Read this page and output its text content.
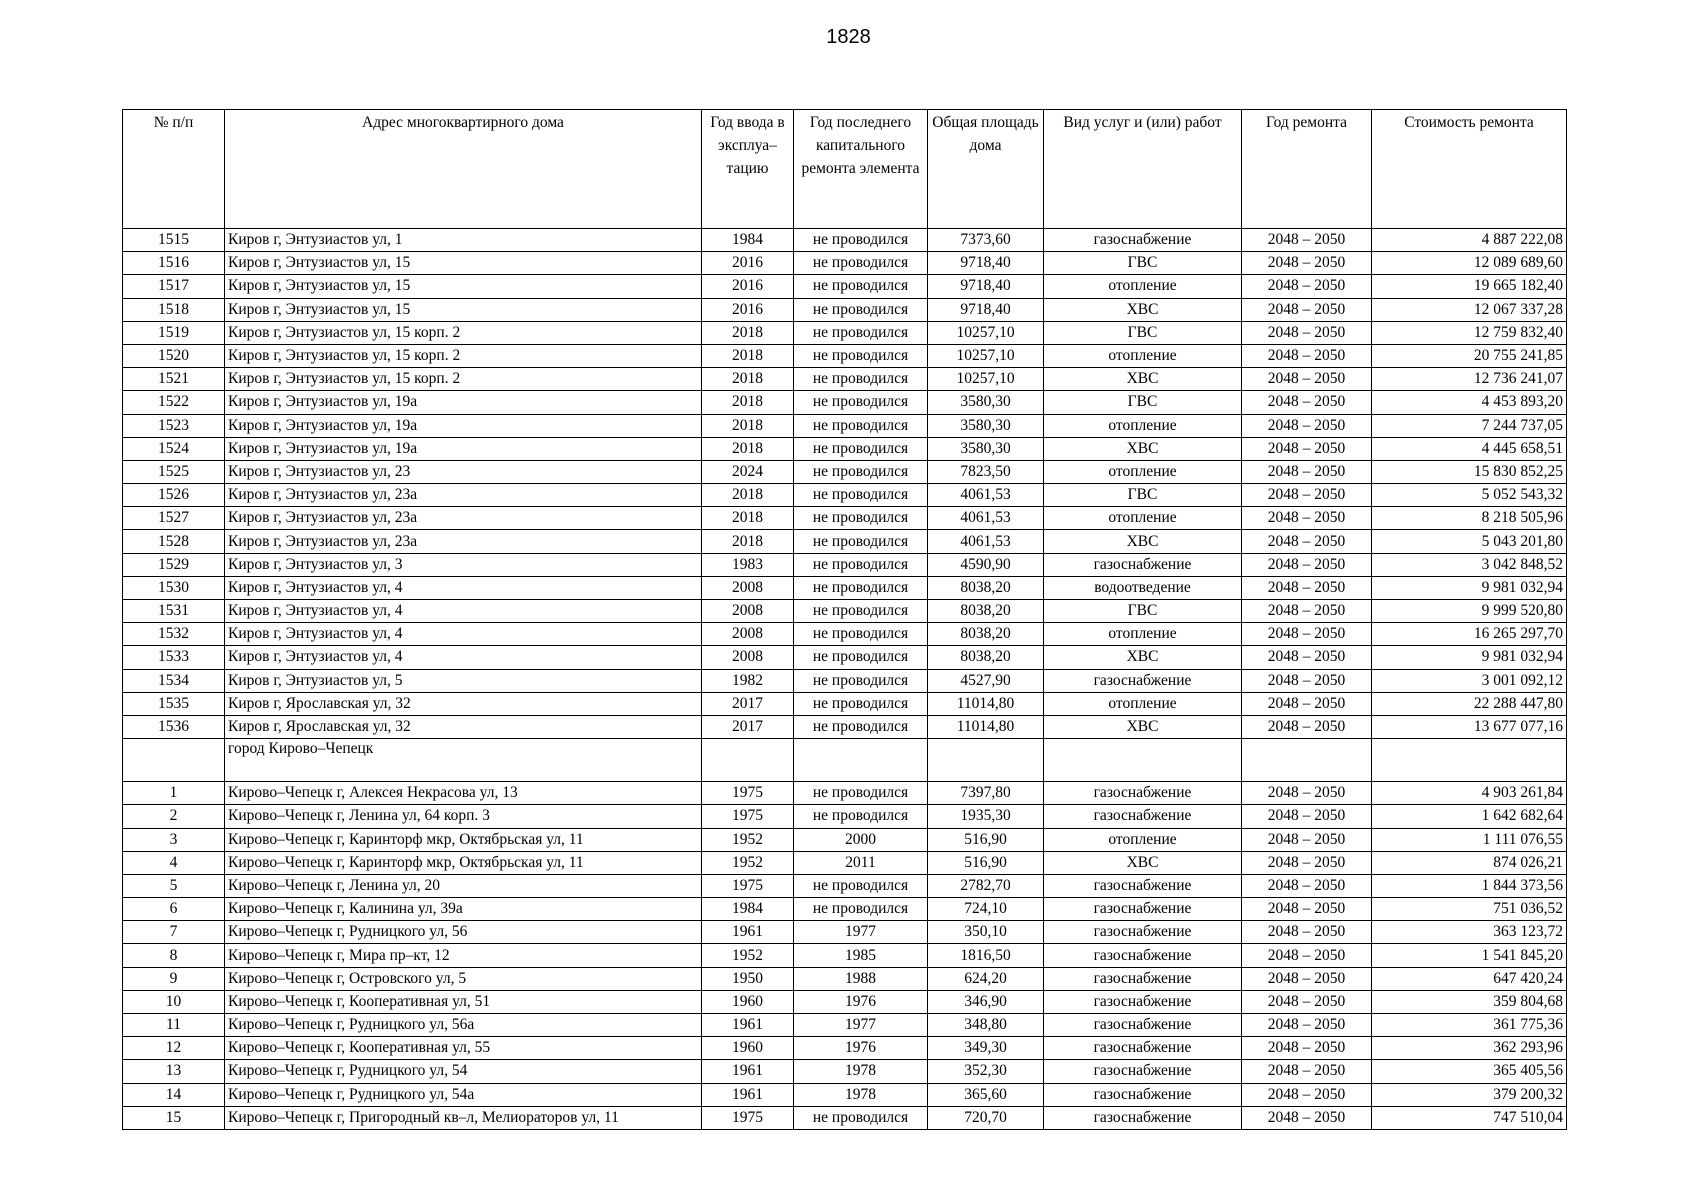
1828
№ п/п	Адрес многоквартирного дома	Год ввода в эксплуа–тацию	Год последнего капитального ремонта элемента	Общая площадь дома	Вид услуг и (или) работ	Год ремонта	Стоимость ремонта
1515	Киров г, Энтузиастов ул, 1	1984	не проводился	7373,60	газоснабжение	2048 – 2050	4 887 222,08
1516	Киров г, Энтузиастов ул, 15	2016	не проводился	9718,40	ГВС	2048 – 2050	12 089 689,60
1517	Киров г, Энтузиастов ул, 15	2016	не проводился	9718,40	отопление	2048 – 2050	19 665 182,40
1518	Киров г, Энтузиастов ул, 15	2016	не проводился	9718,40	ХВС	2048 – 2050	12 067 337,28
1519	Киров г, Энтузиастов ул, 15 корп. 2	2018	не проводился	10257,10	ГВС	2048 – 2050	12 759 832,40
1520	Киров г, Энтузиастов ул, 15 корп. 2	2018	не проводился	10257,10	отопление	2048 – 2050	20 755 241,85
1521	Киров г, Энтузиастов ул, 15 корп. 2	2018	не проводился	10257,10	ХВС	2048 – 2050	12 736 241,07
1522	Киров г, Энтузиастов ул, 19а	2018	не проводился	3580,30	ГВС	2048 – 2050	4 453 893,20
1523	Киров г, Энтузиастов ул, 19а	2018	не проводился	3580,30	отопление	2048 – 2050	7 244 737,05
1524	Киров г, Энтузиастов ул, 19а	2018	не проводился	3580,30	ХВС	2048 – 2050	4 445 658,51
1525	Киров г, Энтузиастов ул, 23	2024	не проводился	7823,50	отопление	2048 – 2050	15 830 852,25
1526	Киров г, Энтузиастов ул, 23а	2018	не проводился	4061,53	ГВС	2048 – 2050	5 052 543,32
1527	Киров г, Энтузиастов ул, 23а	2018	не проводился	4061,53	отопление	2048 – 2050	8 218 505,96
1528	Киров г, Энтузиастов ул, 23а	2018	не проводился	4061,53	ХВС	2048 – 2050	5 043 201,80
1529	Киров г, Энтузиастов ул, 3	1983	не проводился	4590,90	газоснабжение	2048 – 2050	3 042 848,52
1530	Киров г, Энтузиастов ул, 4	2008	не проводился	8038,20	водоотведение	2048 – 2050	9 981 032,94
1531	Киров г, Энтузиастов ул, 4	2008	не проводился	8038,20	ГВС	2048 – 2050	9 999 520,80
1532	Киров г, Энтузиастов ул, 4	2008	не проводился	8038,20	отопление	2048 – 2050	16 265 297,70
1533	Киров г, Энтузиастов ул, 4	2008	не проводился	8038,20	ХВС	2048 – 2050	9 981 032,94
1534	Киров г, Энтузиастов ул, 5	1982	не проводился	4527,90	газоснабжение	2048 – 2050	3 001 092,12
1535	Киров г, Ярославская ул, 32	2017	не проводился	11014,80	отопление	2048 – 2050	22 288 447,80
1536	Киров г, Ярославская ул, 32	2017	не проводился	11014,80	ХВС	2048 – 2050	13 677 077,16
	город Кирово–Чепецк						
1	Кирово–Чепецк г, Алексея Некрасова ул, 13	1975	не проводился	7397,80	газоснабжение	2048 – 2050	4 903 261,84
2	Кирово–Чепецк г, Ленина ул, 64 корп. 3	1975	не проводился	1935,30	газоснабжение	2048 – 2050	1 642 682,64
3	Кирово–Чепецк г, Каринторф мкр, Октябрьская ул, 11	1952	2000	516,90	отопление	2048 – 2050	1 111 076,55
4	Кирово–Чепецк г, Каринторф мкр, Октябрьская ул, 11	1952	2011	516,90	ХВС	2048 – 2050	874 026,21
5	Кирово–Чепецк г, Ленина ул, 20	1975	не проводился	2782,70	газоснабжение	2048 – 2050	1 844 373,56
6	Кирово–Чепецк г, Калинина ул, 39а	1984	не проводился	724,10	газоснабжение	2048 – 2050	751 036,52
7	Кирово–Чепецк г, Рудницкого ул, 56	1961	1977	350,10	газоснабжение	2048 – 2050	363 123,72
8	Кирово–Чепецк г, Мира пр–кт, 12	1952	1985	1816,50	газоснабжение	2048 – 2050	1 541 845,20
9	Кирово–Чепецк г, Островского ул, 5	1950	1988	624,20	газоснабжение	2048 – 2050	647 420,24
10	Кирово–Чепецк г, Кооперативная ул, 51	1960	1976	346,90	газоснабжение	2048 – 2050	359 804,68
11	Кирово–Чепецк г, Рудницкого ул, 56а	1961	1977	348,80	газоснабжение	2048 – 2050	361 775,36
12	Кирово–Чепецк г, Кооперативная ул, 55	1960	1976	349,30	газоснабжение	2048 – 2050	362 293,96
13	Кирово–Чепецк г, Рудницкого ул, 54	1961	1978	352,30	газоснабжение	2048 – 2050	365 405,56
14	Кирово–Чепецк г, Рудницкого ул, 54а	1961	1978	365,60	газоснабжение	2048 – 2050	379 200,32
15	Кирово–Чепецк г, Пригородный кв–л, Мелиораторов ул, 11	1975	не проводился	720,70	газоснабжение	2048 – 2050	747 510,04
